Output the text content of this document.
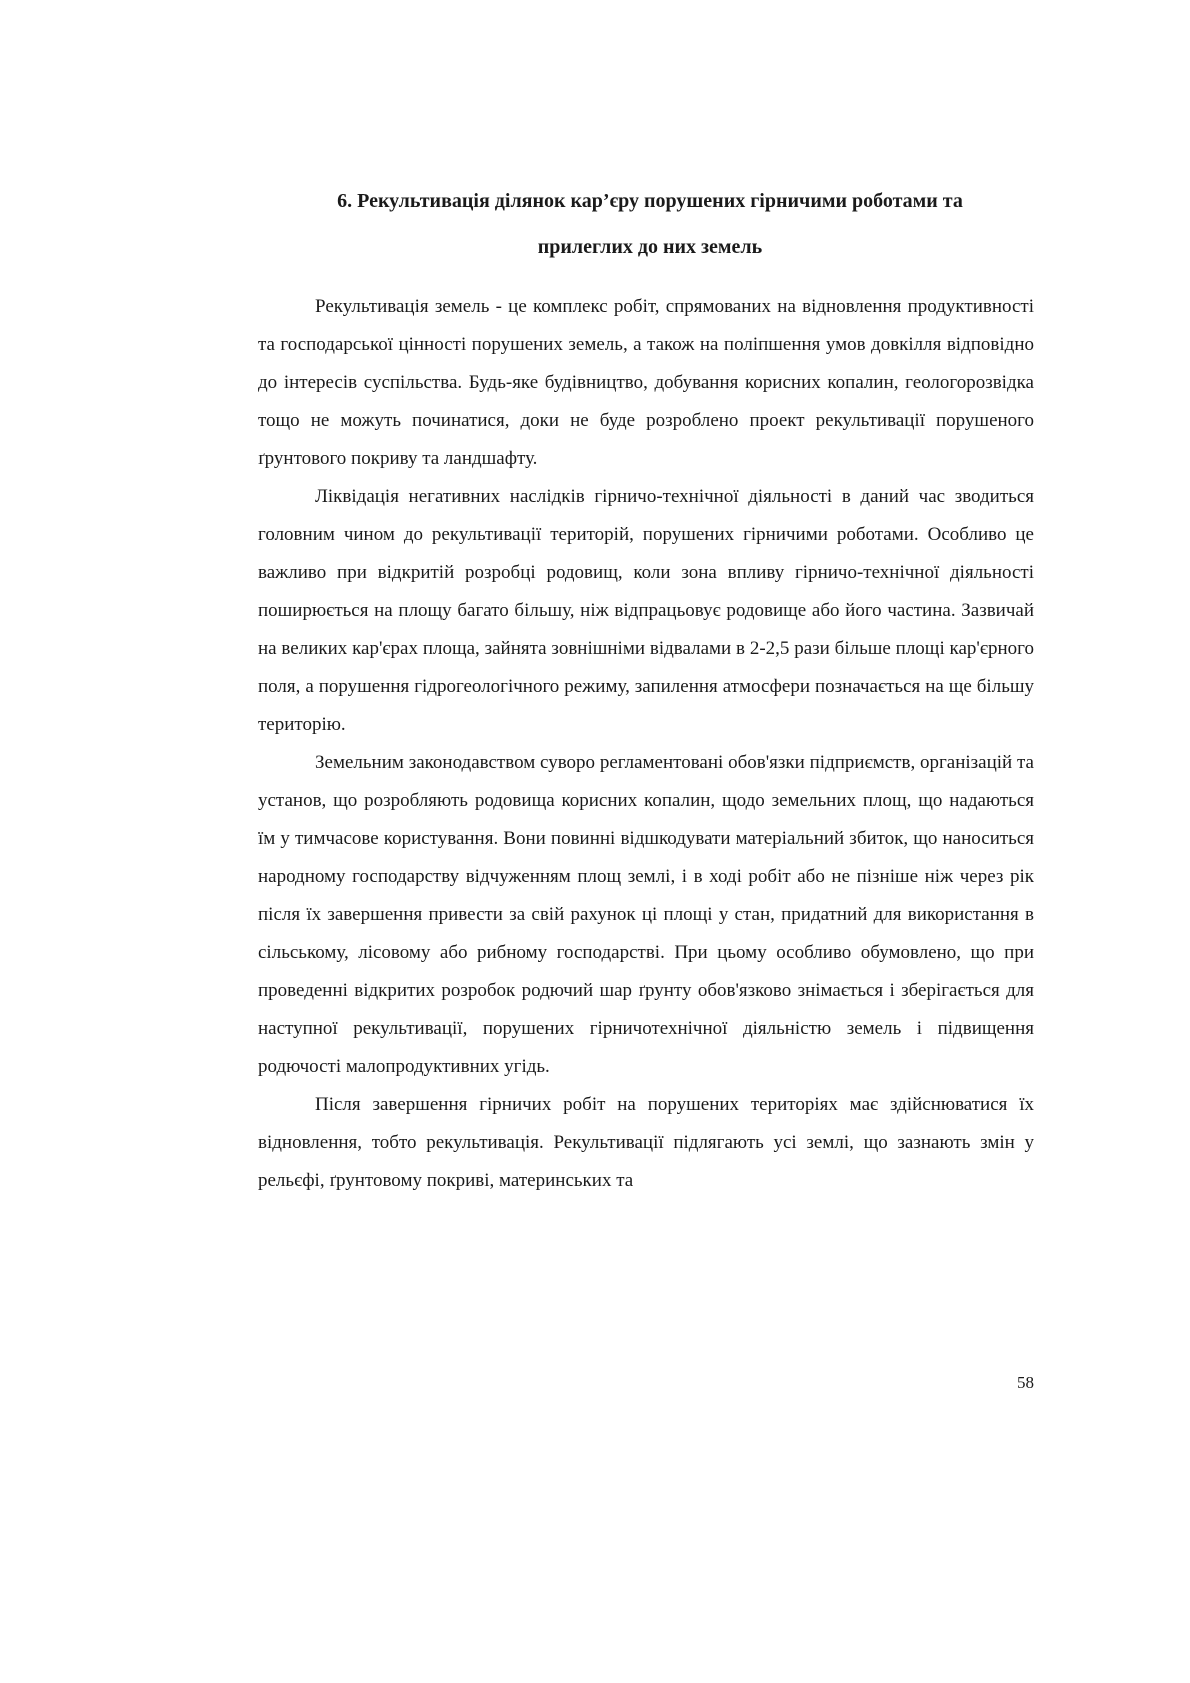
6. Рекультивація ділянок кар’єру порушених гірничими роботами та
прилеглих до них земель

Рекультивація земель - це комплекс робіт, спрямованих на відновлення продуктивності та господарської цінності порушених земель, а також на поліпшення умов довкілля відповідно до інтересів суспільства. Будь-яке будівництво, добування корисних копалин, геологорозвідка тощо не можуть починатися, доки не буде розроблено проект рекультивації порушеного ґрунтового покриву та ландшафту.

Ліквідація негативних наслідків гірничо-технічної діяльності в даний час зводиться головним чином до рекультивації територій, порушених гірничими роботами. Особливо це важливо при відкритій розробці родовищ, коли зона впливу гірничо-технічної діяльності поширюється на площу багато більшу, ніж відпрацьовує родовище або його частина. Зазвичай на великих кар'єрах площа, зайнята зовнішніми відвалами в 2-2,5 рази більше площі кар'єрного поля, а порушення гідрогеологічного режиму, запилення атмосфери позначається на ще більшу територію.

Земельним законодавством суворо регламентовані обов'язки підприємств, організацій та установ, що розробляють родовища корисних копалин, щодо земельних площ, що надаються їм у тимчасове користування. Вони повинні відшкодувати матеріальний збиток, що наноситься народному господарству відчуженням площ землі, і в ході робіт або не пізніше ніж через рік після їх завершення привести за свій рахунок ці площі у стан, придатний для використання в сільському, лісовому або рибному господарстві. При цьому особливо обумовлено, що при проведенні відкритих розробок родючий шар ґрунту обов'язково знімається і зберігається для наступної рекультивації, порушених гірничотехнічної діяльністю земель і підвищення родючості малопродуктивних угідь.

Після завершення гірничих робіт на порушених територіях має здійснюватися їх відновлення, тобто рекультивація. Рекультивації підлягають усі землі, що зазнають змін у рельєфі, ґрунтовому покриві, материнських та

58
